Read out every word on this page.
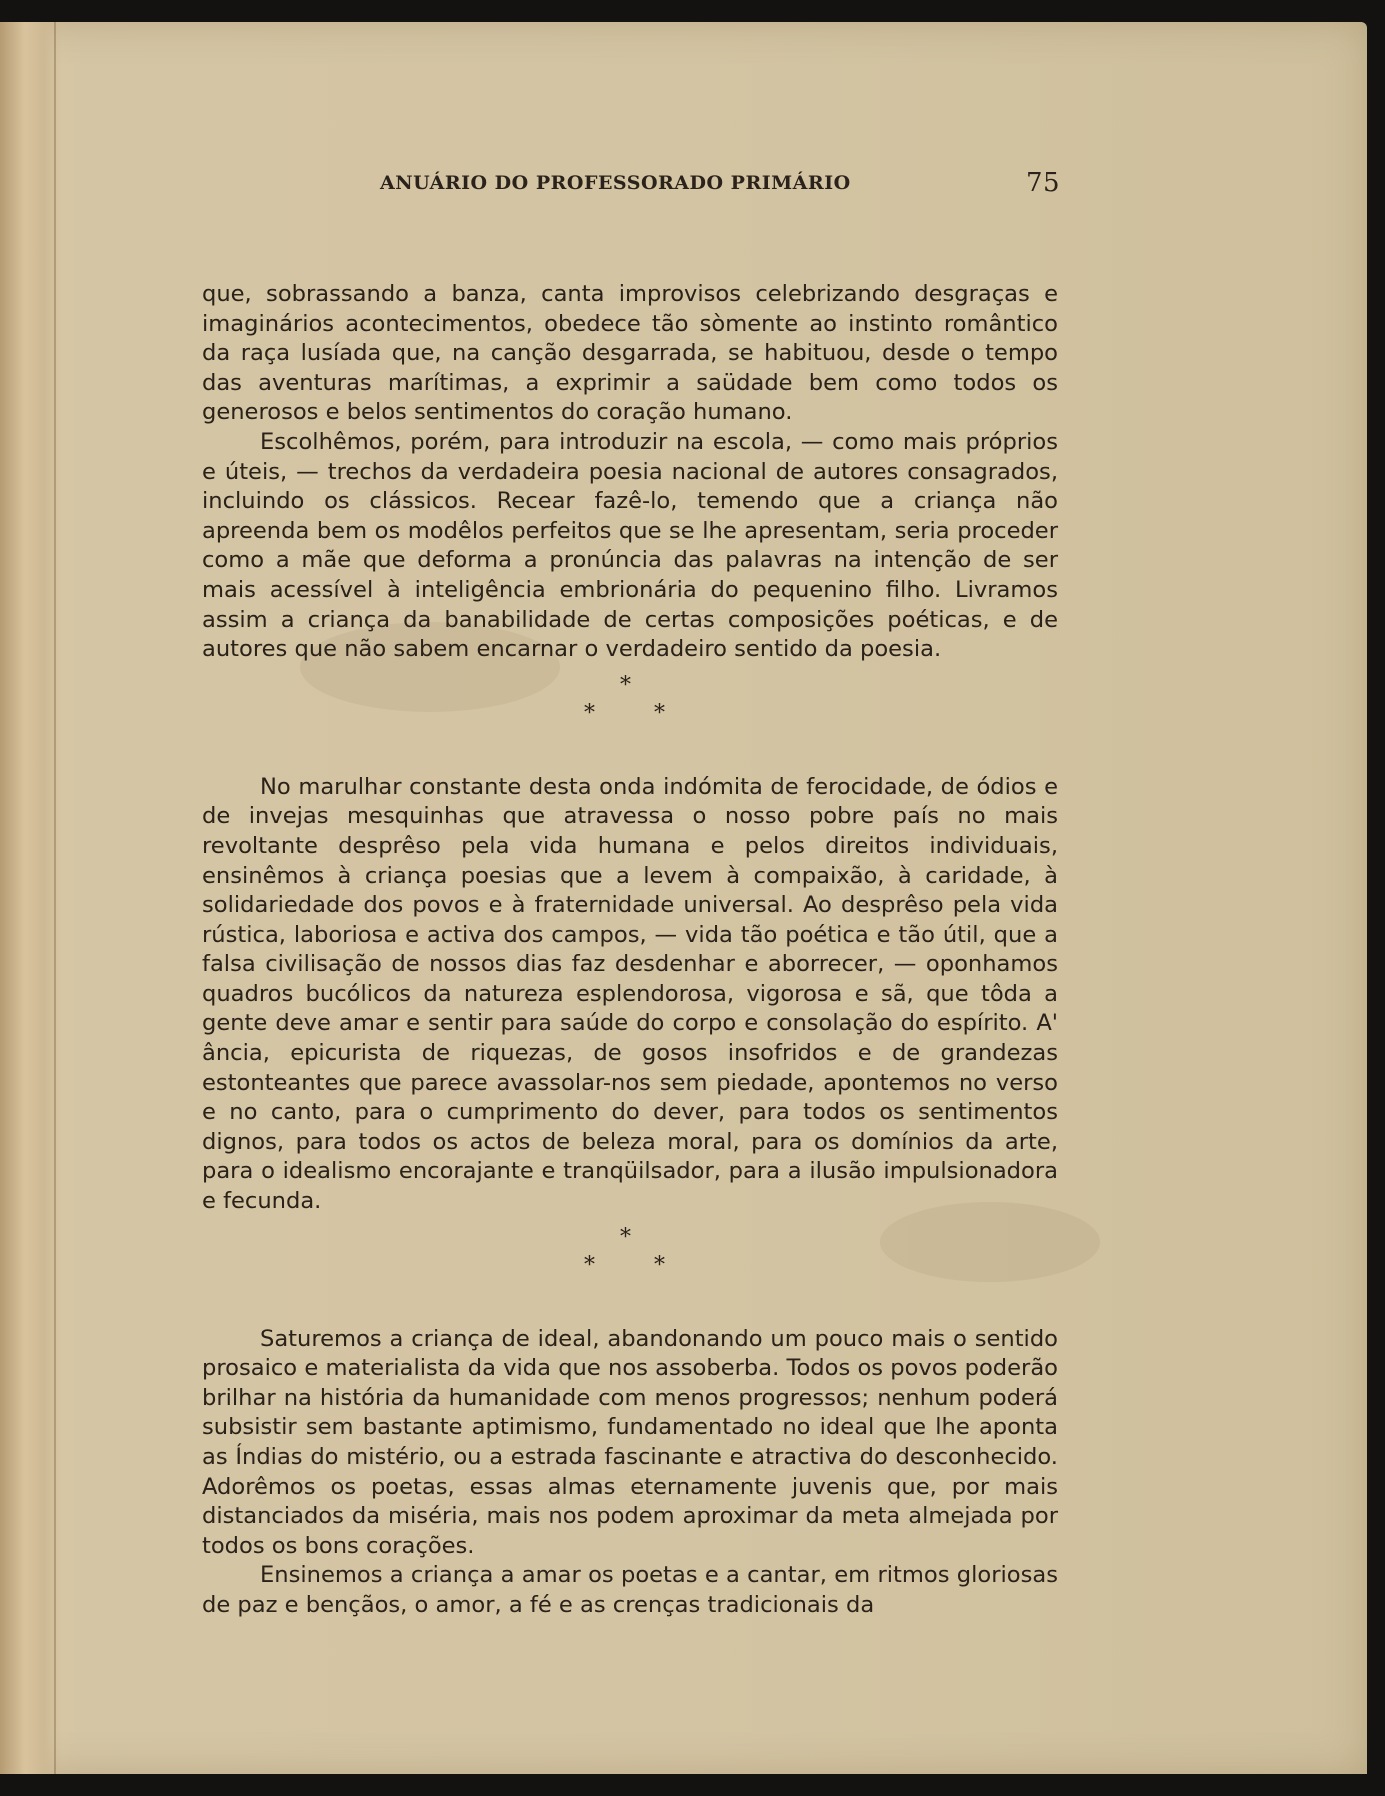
ANUÁRIO DO PROFESSORADO PRIMÁRIO	75

que, sobrassando a banza, canta improvisos celebrizando desgraças e imaginários acontecimentos, obedece tão sòmente ao instinto romântico da raça lusíada que, na canção desgarrada, se habituou, desde o tempo das aventuras marítimas, a exprimir a saüdade bem como todos os generosos e belos sentimentos do coração humano.

Escolhêmos, porém, para introduzir na escola, — como mais próprios e úteis, — trechos da verdadeira poesia nacional de autores consagrados, incluindo os clássicos. Recear fazê-lo, temendo que a criança não apreenda bem os modêlos perfeitos que se lhe apresentam, seria proceder como a mãe que deforma a pronúncia das palavras na intenção de ser mais acessível à inteligência embrionária do pequenino filho. Livramos assim a criança da banabilidade de certas composições poéticas, e de autores que não sabem encarnar o verdadeiro sentido da poesia.

*
*	*

No marulhar constante desta onda indómita de ferocidade, de ódios e de invejas mesquinhas que atravessa o nosso pobre país no mais revoltante desprêso pela vida humana e pelos direitos individuais, ensinêmos à criança poesias que a levem à compaixão, à caridade, à solidariedade dos povos e à fraternidade universal. Ao desprêso pela vida rústica, laboriosa e activa dos campos, — vida tão poética e tão útil, que a falsa civilisação de nossos dias faz desdenhar e aborrecer, — oponhamos quadros bucólicos da natureza esplendorosa, vigorosa e sã, que tôda a gente deve amar e sentir para saúde do corpo e consolação do espírito. A' ância, epicurista de riquezas, de gosos insofridos e de grandezas estonteantes que parece avassolar-nos sem piedade, apontemos no verso e no canto, para o cumprimento do dever, para todos os sentimentos dignos, para todos os actos de beleza moral, para os domínios da arte, para o idealismo encorajante e tranqüilsador, para a ilusão impulsionadora e fecunda.

*
*	*

Saturemos a criança de ideal, abandonando um pouco mais o sentido prosaico e materialista da vida que nos assoberba. Todos os povos poderão brilhar na história da humanidade com menos progressos; nenhum poderá subsistir sem bastante aptimismo, fundamentado no ideal que lhe aponta as Índias do mistério, ou a estrada fascinante e atractiva do desconhecido. Adorêmos os poetas, essas almas eternamente juvenis que, por mais distanciados da miséria, mais nos podem aproximar da meta almejada por todos os bons corações.

Ensinemos a criança a amar os poetas e a cantar, em ritmos gloriosas de paz e bençãos, o amor, a fé e as crenças tradicionais da
